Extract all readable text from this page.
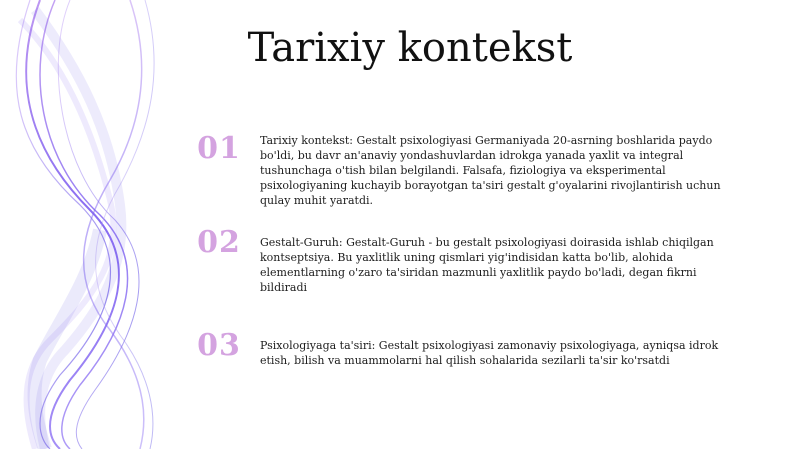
Tarixiy kontekst
01 Tarixiy kontekst: Gestalt psixologiyasi Germaniyada 20-asrning boshlarida paydo bo'ldi, bu davr an'anaviy yondashuvlardan idrokga yanada yaxlit va integral tushunchaga o'tish bilan belgilandi. Falsafa, fiziologiya va eksperimental psixologiyaning kuchayib borayotgan ta'siri gestalt g'oyalarini rivojlantirish uchun qulay muhit yaratdi.
02 Gestalt-Guruh: Gestalt-Guruh - bu gestalt psixologiyasi doirasida ishlab chiqilgan kontseptsiya. Bu yaxlitlik uning qismlari yig'indisidan katta bo'lib, alohida elementlarning o'zaro ta'siridan mazmunli yaxlitlik paydo bo'ladi, degan fikrni bildiradi
03 Psixologiyaga ta'siri: Gestalt psixologiyasi zamonaviy psixologiyaga, ayniqsa idrok etish, bilish va muammolarni hal qilish sohalarida sezilarli ta'sir ko'rsatdi
